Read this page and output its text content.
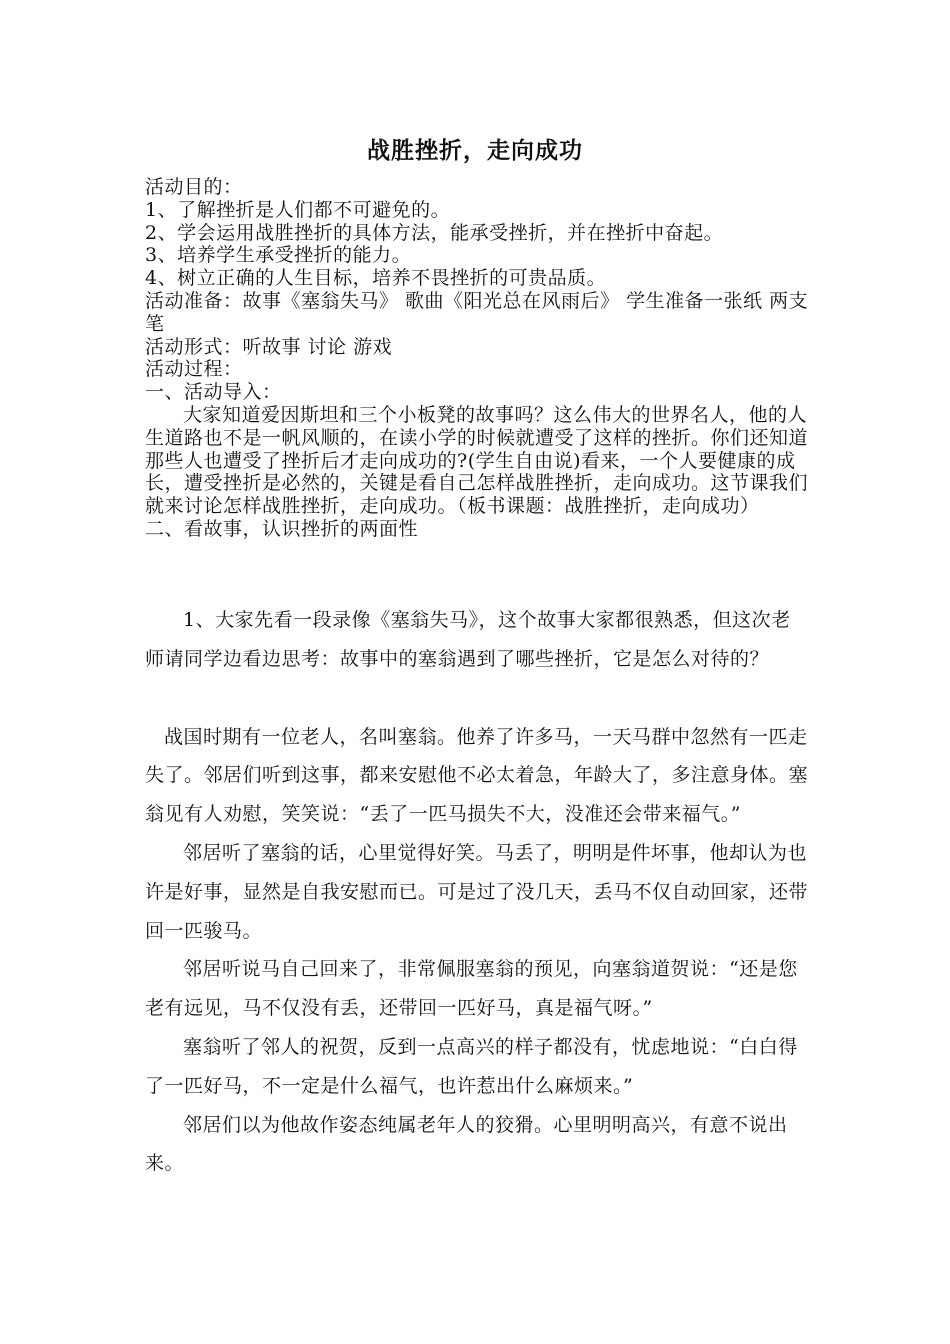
战胜挫折，走向成功

活动目的：

1、了解挫折是人们都不可避免的。

2、学会运用战胜挫折的具体方法，能承受挫折，并在挫折中奋起。

3、培养学生承受挫折的能力。

4、树立正确的人生目标，培养不畏挫折的可贵品质。

活动准备：故事《塞翁失马》 歌曲《阳光总在风雨后》 学生准备一张纸 两支笔

活动形式：听故事 讨论 游戏

活动过程：

一、活动导入：

大家知道爱因斯坦和三个小板凳的故事吗？这么伟大的世界名人，他的人生道路也不是一帆风顺的，在读小学的时候就遭受了这样的挫折。你们还知道那些人也遭受了挫折后才走向成功的?(学生自由说)看来，一个人要健康的成长，遭受挫折是必然的，关键是看自己怎样战胜挫折，走向成功。这节课我们就来讨论怎样战胜挫折，走向成功。（板书课题：战胜挫折，走向成功）

二、看故事，认识挫折的两面性

1、大家先看一段录像《塞翁失马》，这个故事大家都很熟悉，但这次老师请同学边看边思考：故事中的塞翁遇到了哪些挫折，它是怎么对待的？

战国时期有一位老人，名叫塞翁。他养了许多马，一天马群中忽然有一匹走失了。邻居们听到这事，都来安慰他不必太着急，年龄大了，多注意身体。塞翁见有人劝慰，笑笑说：“丢了一匹马损失不大，没准还会带来福气。”

邻居听了塞翁的话，心里觉得好笑。马丢了，明明是件坏事，他却认为也许是好事，显然是自我安慰而已。可是过了没几天，丢马不仅自动回家，还带回一匹骏马。

邻居听说马自己回来了，非常佩服塞翁的预见，向塞翁道贺说：“还是您老有远见，马不仅没有丢，还带回一匹好马，真是福气呀。”

塞翁听了邻人的祝贺，反到一点高兴的样子都没有，忧虑地说：“白白得了一匹好马，不一定是什么福气，也许惹出什么麻烦来。”

邻居们以为他故作姿态纯属老年人的狡猾。心里明明高兴，有意不说出来。
